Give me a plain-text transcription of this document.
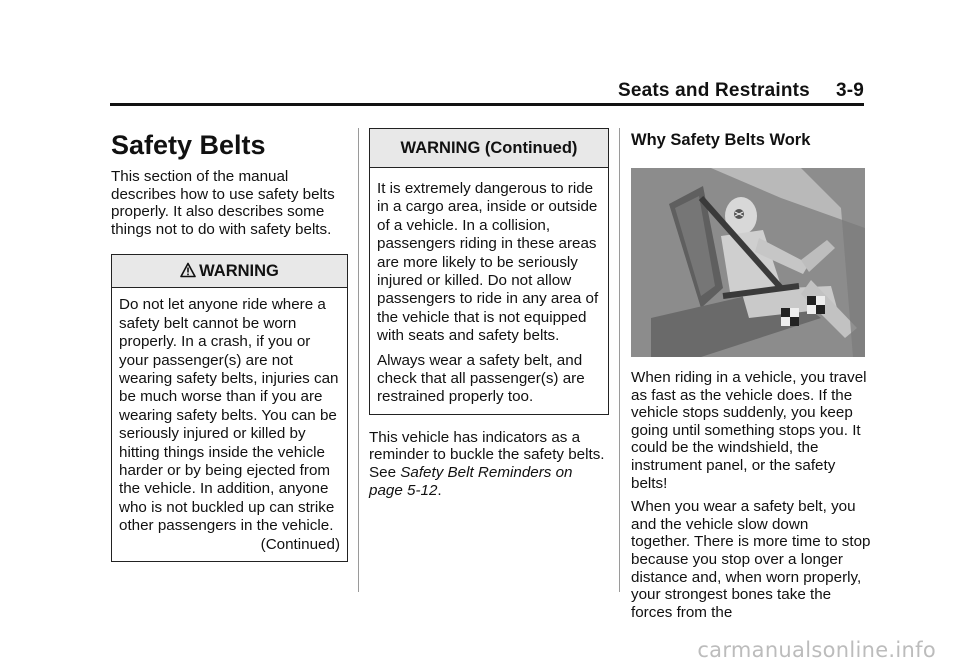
Seats and Restraints 3-9
Safety Belts

This section of the manual describes how to use safety belts properly. It also describes some things not to do with safety belts.

WARNING

Do not let anyone ride where a safety belt cannot be worn properly. In a crash, if you or your passenger(s) are not wearing safety belts, injuries can be much worse than if you are wearing safety belts. You can be seriously injured or killed by hitting things inside the vehicle harder or by being ejected from the vehicle. In addition, anyone who is not buckled up can strike other passengers in the vehicle.

(Continued)

WARNING (Continued)

It is extremely dangerous to ride in a cargo area, inside or outside of a vehicle. In a collision, passengers riding in these areas are more likely to be seriously injured or killed. Do not allow passengers to ride in any area of the vehicle that is not equipped with seats and safety belts.

Always wear a safety belt, and check that all passenger(s) are restrained properly too.

This vehicle has indicators as a reminder to buckle the safety belts. See Safety Belt Reminders on page 5-12.

Why Safety Belts Work

When riding in a vehicle, you travel as fast as the vehicle does. If the vehicle stops suddenly, you keep going until something stops you. It could be the windshield, the instrument panel, or the safety belts!

When you wear a safety belt, you and the vehicle slow down together. There is more time to stop because you stop over a longer distance and, when worn properly, your strongest bones take the forces from the

carmanualsonline.info
